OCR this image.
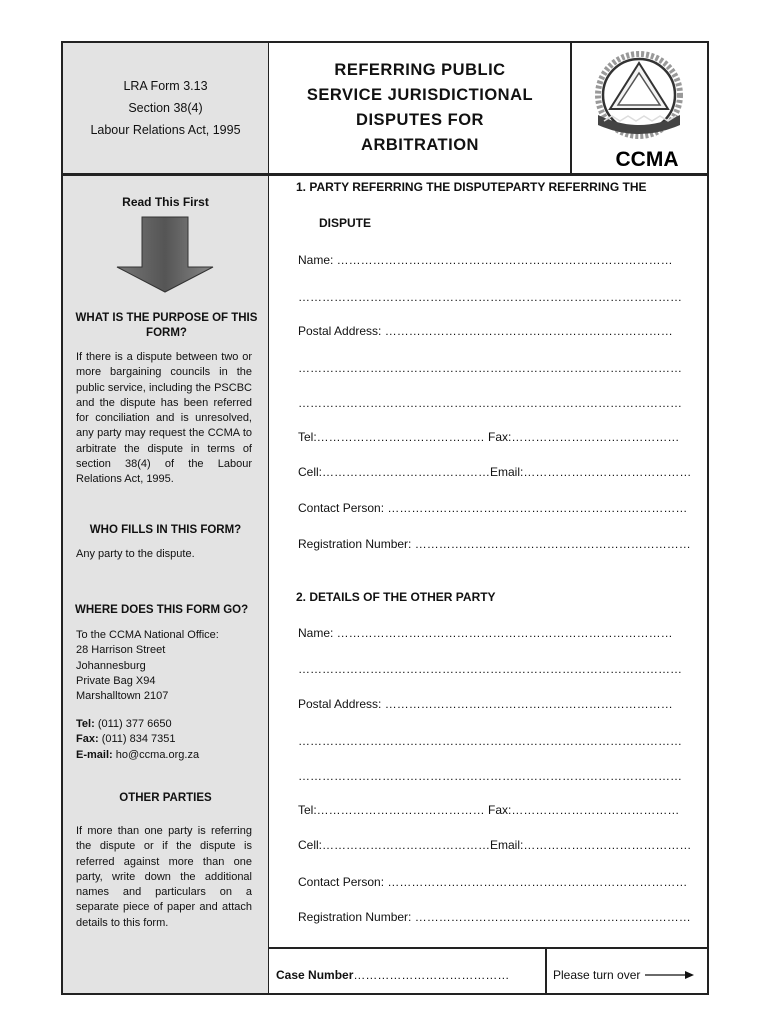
LRA Form 3.13
Section 38(4)
Labour Relations Act, 1995
REFERRING PUBLIC
SERVICE JURISDICTIONAL
DISPUTES FOR
ARBITRATION
CCMA
Read This First
WHAT IS THE PURPOSE OF THIS
FORM?
If there is a dispute between two or more bargaining councils in the public service, including the PSCBC and the dispute has been referred for conciliation and is unresolved, any party may request the CCMA to arbitrate the dispute in terms of section 38(4) of the Labour Relations Act, 1995.
WHO FILLS IN THIS FORM?
Any party to the dispute.
WHERE DOES THIS FORM GO?
To the CCMA National Office:
28 Harrison Street
Johannesburg
Private Bag X94
Marshalltown 2107
Tel: (011) 377 6650
Fax: (011) 834 7351
E-mail: ho@ccma.org.za
OTHER PARTIES
If more than one party is referring the dispute or if the dispute is referred against more than one party, write down the additional names and particulars on a separate piece of paper and attach details to this form.
1. PARTY REFERRING THE DISPUTEPARTY REFERRING THE
DISPUTE
Name: …………………………………………………………………………
……………………………………………………………………………………
Postal Address: ………………………………………………………………
……………………………………………………………………………………
……………………………………………………………………………………
Tel:…………………………………… Fax:……………………………………
Cell:……………………………………Email:……………………………………
Contact Person: …………………………………………………………………
Registration Number: ……………………………………………………………
2. DETAILS OF THE OTHER PARTY
Name: …………………………………………………………………………
……………………………………………………………………………………
Postal Address: ………………………………………………………………
……………………………………………………………………………………
……………………………………………………………………………………
Tel:…………………………………… Fax:……………………………………
Cell:……………………………………Email:……………………………………
Contact Person: …………………………………………………………………
Registration Number: ……………………………………………………………
Case Number…………………………………	Please turn over
